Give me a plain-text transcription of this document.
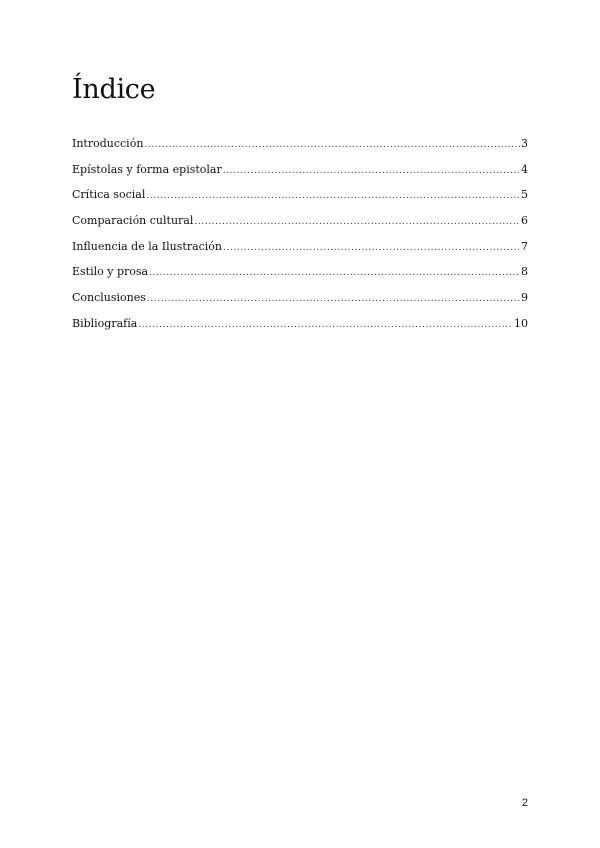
Índice
Introducción .....	3
Epístolas y forma epistolar .....	4
Crítica social .....	5
Comparación cultural .....	6
Influencia de la Ilustración .....	7
Estilo y prosa .....	8
Conclusiones .....	9
Bibliografía .....	10
2
